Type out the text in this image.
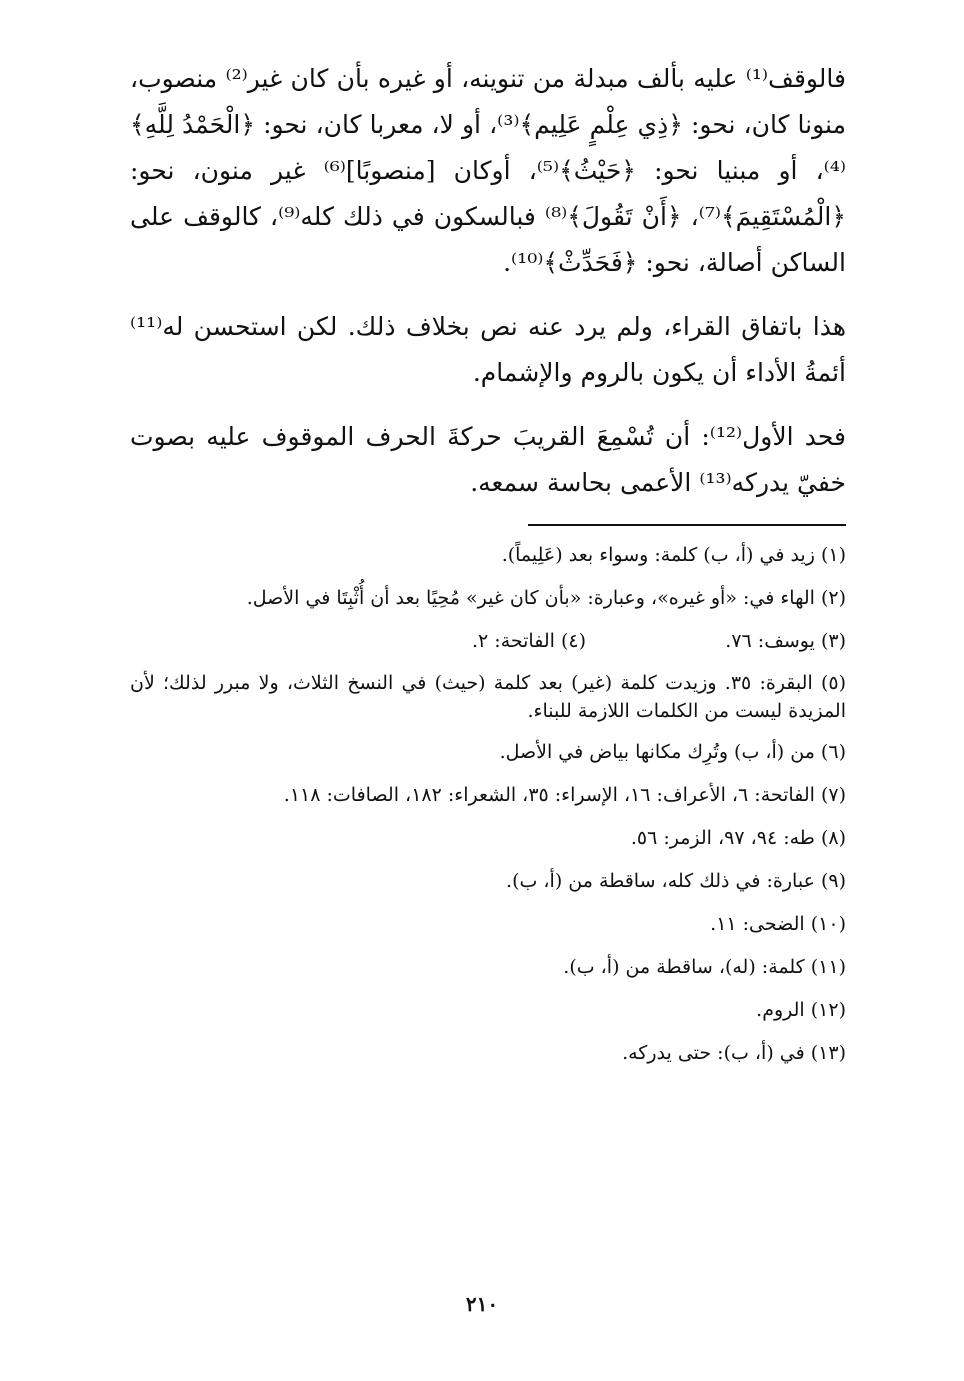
فالوقف⁽¹⁾ عليه بألف مبدلة من تنوينه، أو غيره بأن كان غير⁽²⁾ منصوب، منونا كان، نحو: ﴿ذِي عِلْمٍ عَلِيم﴾⁽³⁾، أو لا، معربا كان، نحو: ﴿الْحَمْدُ لِلَّهِ﴾⁽⁴⁾، أو مبنيا نحو: ﴿حَيْثُ﴾⁽⁵⁾، أوكان [منصوبًا]⁽⁶⁾ غير منون، نحو: ﴿الْمُسْتَقِيمَ﴾⁽⁷⁾، ﴿أَنْ تَقُولَ﴾⁽⁸⁾ فبالسكون في ذلك كله⁽⁹⁾، كالوقف على الساكن أصالة، نحو: ﴿فَحَدِّثْ﴾⁽¹⁰⁾.

هذا باتفاق القراء، ولم يرد عنه نص بخلاف ذلك. لكن استحسن له⁽¹¹⁾ أئمةُ الأداء أن يكون بالروم والإشمام.

فحد الأول⁽¹²⁾: أن تُسْمِعَ القريبَ حركةَ الحرف الموقوف عليه بصوت خفيّ يدركه⁽¹³⁾ الأعمى بحاسة سمعه.

(١) زيد في (أ، ب) كلمة: وسواء بعد (عَلِيماً).
(٢) الهاء في: «أو غيره»، وعبارة: «بأن كان غير» مُحِيًا بعد أن أُثْبِتَا في الأصل.
(٣) يوسف: ٧٦.
(٤) الفاتحة: ٢.
(٥) البقرة: ٣٥. وزيدت كلمة (غير) بعد كلمة (حيث) في النسخ الثلاث، ولا مبرر لذلك؛ لأن المزيدة ليست من الكلمات اللازمة للبناء.
(٦) من (أ، ب) وتُرِك مكانها بياض في الأصل.
(٧) الفاتحة: ٦، الأعراف: ١٦، الإسراء: ٣٥، الشعراء: ١٨٢، الصافات: ١١٨.
(٨) طه: ٩٤، ٩٧، الزمر: ٥٦.
(٩) عبارة: في ذلك كله، ساقطة من (أ، ب).
(١٠) الضحى: ١١.
(١١) كلمة: (له)، ساقطة من (أ، ب).
(١٢) الروم.
(١٣) في (أ، ب): حتى يدركه.
٢١٠
